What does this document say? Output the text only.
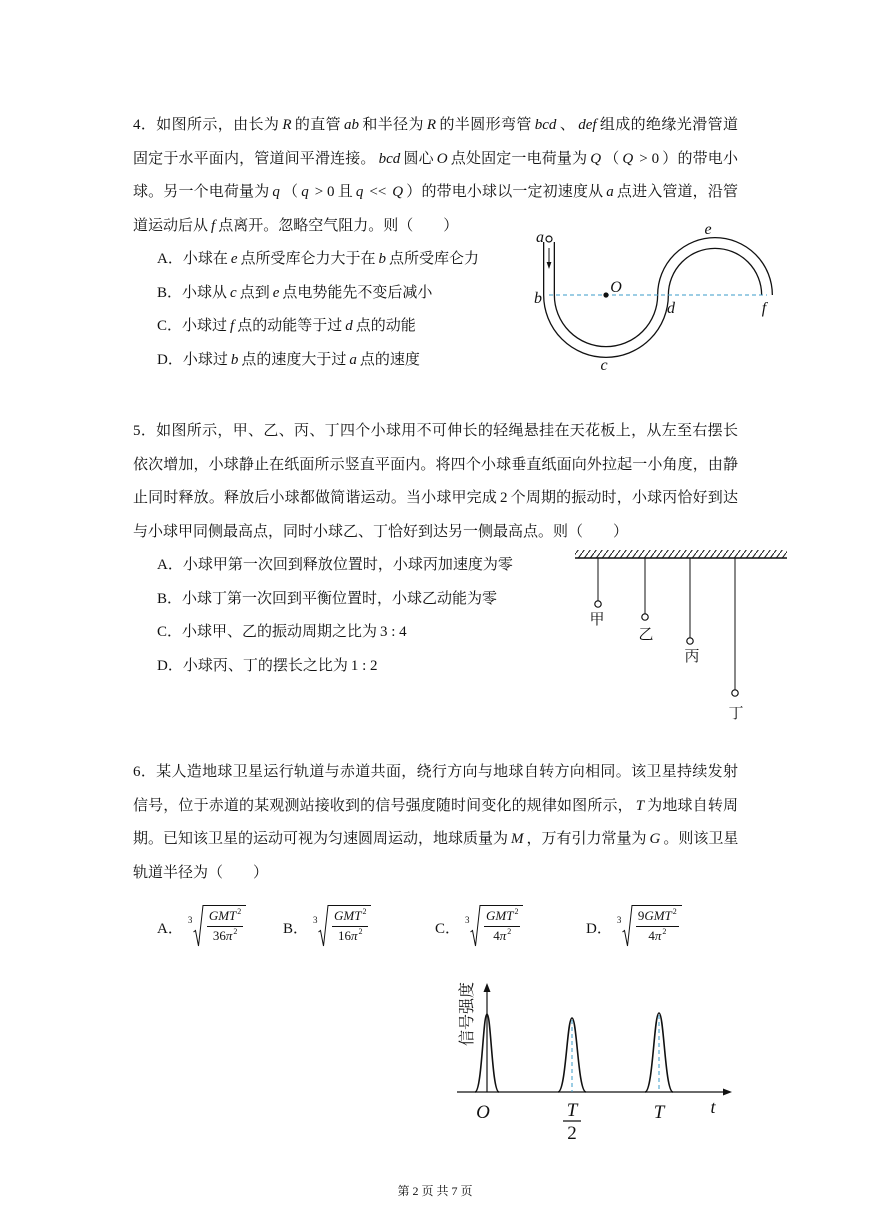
4．如图所示，由长为 R 的直管 ab 和半径为 R 的半圆形弯管 bcd 、 def 组成的绝缘光滑管道
固定于水平面内，管道间平滑连接。 bcd 圆心 O 点处固定一电荷量为 Q （ Q > 0 ）的带电小
球。另一个电荷量为 q （ q > 0 且 q << Q ）的带电小球以一定初速度从 a 点进入管道，沿管
道运动后从 f 点离开。忽略空气阻力。则（　　）
A．小球在 e 点所受库仑力大于在 b 点所受库仑力
B．小球从 c 点到 e 点电势能先不变后减小
C．小球过 f 点的动能等于过 d 点的动能
D．小球过 b 点的速度大于过 a 点的速度
a
b
c
d
e
f
O
5．如图所示，甲、乙、丙、丁四个小球用不可伸长的轻绳悬挂在天花板上，从左至右摆长
依次增加，小球静止在纸面所示竖直平面内。将四个小球垂直纸面向外拉起一小角度，由静
止同时释放。释放后小球都做简谐运动。当小球甲完成 2 个周期的振动时，小球丙恰好到达
与小球甲同侧最高点，同时小球乙、丁恰好到达另一侧最高点。则（　　）
A．小球甲第一次回到释放位置时，小球丙加速度为零
B．小球丁第一次回到平衡位置时，小球乙动能为零
C．小球甲、乙的振动周期之比为 3 : 4
D．小球丙、丁的摆长之比为 1 : 2
甲
乙
丙
丁
6．某人造地球卫星运行轨道与赤道共面，绕行方向与地球自转方向相同。该卫星持续发射
信号，位于赤道的某观测站接收到的信号强度随时间变化的规律如图所示， T 为地球自转周
期。已知该卫星的运动可视为匀速圆周运动，地球质量为 M ，万有引力常量为 G 。则该卫星
轨道半径为（　　）
A．
$3 \frac{GMT^2}{36\pi^2}$	B．
$3 \frac{GMT^2}{16\pi^2}$	C．
$3 \frac{GMT^2}{4\pi^2}$	D．
$3 \frac{9GMT^2}{4\pi^2}$
信号强度
O	T
2
T	t
第 2 页 共 7 页
